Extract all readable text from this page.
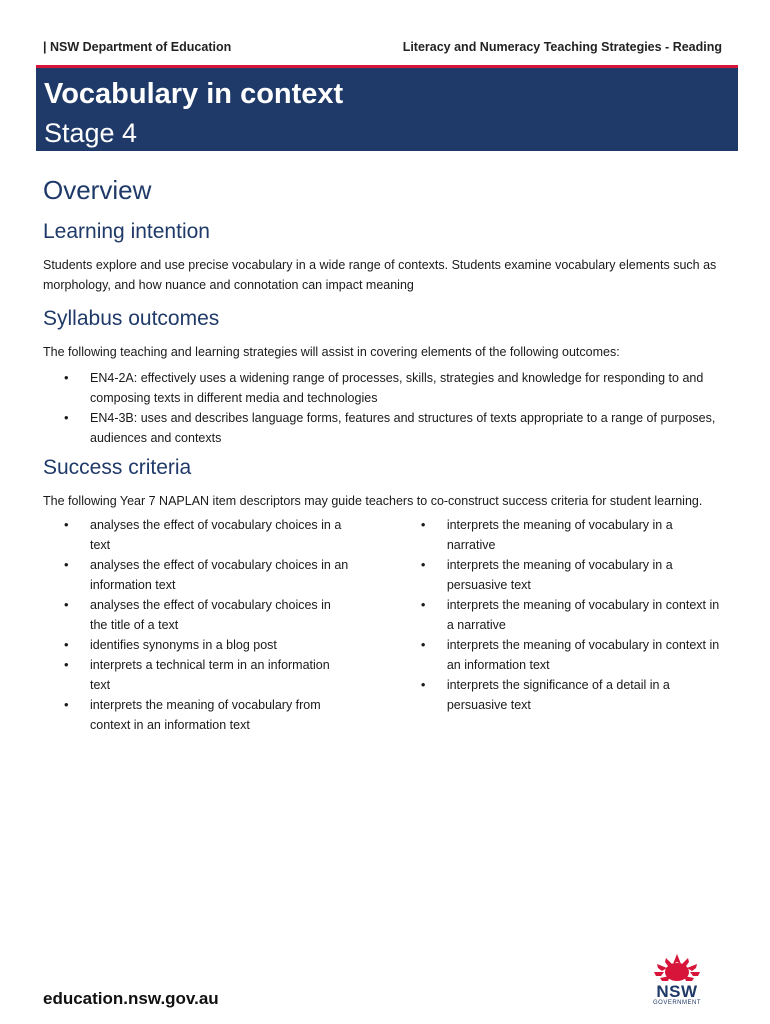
| NSW Department of Education	Literacy and Numeracy Teaching Strategies - Reading
Vocabulary in context
Stage 4
Overview
Learning intention

Students explore and use precise vocabulary in a wide range of contexts. Students examine vocabulary elements such as morphology, and how nuance and connotation can impact meaning

Syllabus outcomes

The following teaching and learning strategies will assist in covering elements of the following outcomes:

• EN4-2A: effectively uses a widening range of processes, skills, strategies and knowledge for responding to and composing texts in different media and technologies
• EN4-3B: uses and describes language forms, features and structures of texts appropriate to a range of purposes, audiences and contexts
Success criteria

The following Year 7 NAPLAN item descriptors may guide teachers to co-construct success criteria for student learning.

• analyses the effect of vocabulary choices in a text
• analyses the effect of vocabulary choices in an information text
• analyses the effect of vocabulary choices in the title of a text
• identifies synonyms in a blog post
• interprets a technical term in an information text
• interprets the meaning of vocabulary from context in an information text
• interprets the meaning of vocabulary in a narrative
• interprets the meaning of vocabulary in a persuasive text
• interprets the meaning of vocabulary in context in a narrative
• interprets the meaning of vocabulary in context in an information text
• interprets the significance of a detail in a persuasive text
education.nsw.gov.au	NSW
GOVERNMENT
